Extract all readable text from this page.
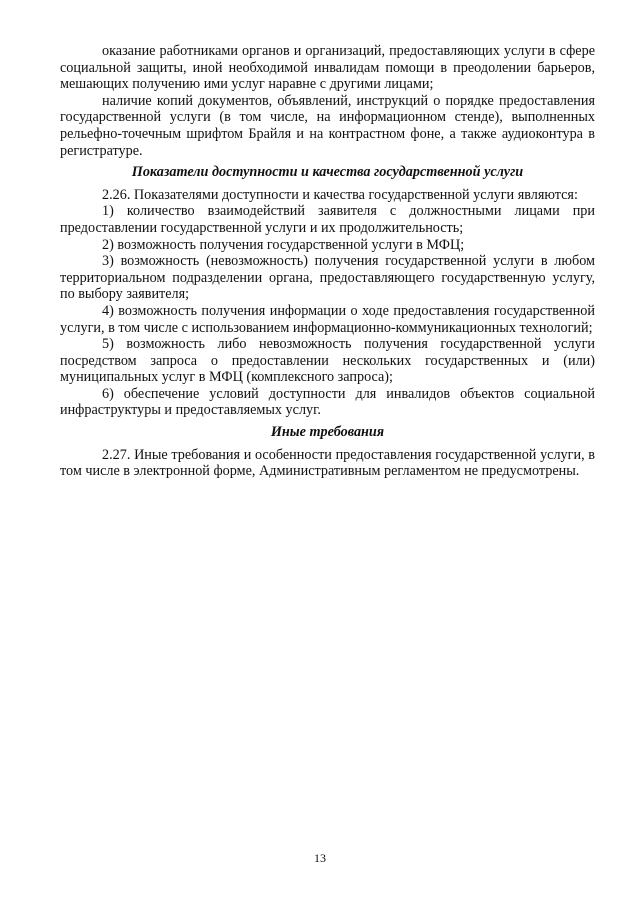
оказание работниками органов и организаций, предоставляющих услуги в сфере социальной защиты, иной необходимой инвалидам помощи в преодолении барьеров, мешающих получению ими услуг наравне с другими лицами;

наличие копий документов, объявлений, инструкций о порядке предоставления государственной услуги (в том числе, на информационном стенде), выполненных рельефно-точечным шрифтом Брайля и на контрастном фоне, а также аудиоконтура в регистратуре.

Показатели доступности и качества государственной услуги

2.26. Показателями доступности и качества государственной услуги являются:

1) количество взаимодействий заявителя с должностными лицами при предоставлении государственной услуги и их продолжительность;

2) возможность получения государственной услуги в МФЦ;

3) возможность (невозможность) получения государственной услуги в любом территориальном подразделении органа, предоставляющего государственную услугу, по выбору заявителя;

4) возможность получения информации о ходе предоставления государственной услуги, в том числе с использованием информационно-коммуникационных технологий;

5) возможность либо невозможность получения государственной услуги посредством запроса о предоставлении нескольких государственных и (или) муниципальных услуг в МФЦ (комплексного запроса);

6) обеспечение условий доступности для инвалидов объектов социальной инфраструктуры и предоставляемых услуг.

Иные требования

2.27. Иные требования и особенности предоставления государственной услуги, в том числе в электронной форме, Административным регламентом не предусмотрены.

13
